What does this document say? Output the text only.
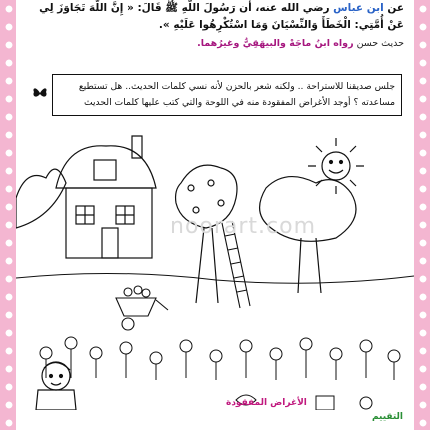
عن ابن عباس رضي الله عنه، أن رَسُولَ اللَّهِ ﷺ قَالَ: « إِنَّ اللَّهَ تَجَاوَزَ لِي عَنْ أُمَّتِي: الْخَطَأَ وَالنِّسْيَانَ وَمَا اسْتُكْرِهُوا عَلَيْهِ ».
حديث حسن رواه ابنُ ماجَهْ والبيهَقِيُّ وغيرُهما.
جلس صديقنا للاستراحة .. ولكنه شعر بالحزن لأنه نسي كلمات الحديث.. هل تستطيع مساعدته ؟ أوجد الأغراض المفقودة منه في اللوحة والتي كتب عليها كلمات الحديث
noorart.com
الأغراض المفقودة
التقييم
